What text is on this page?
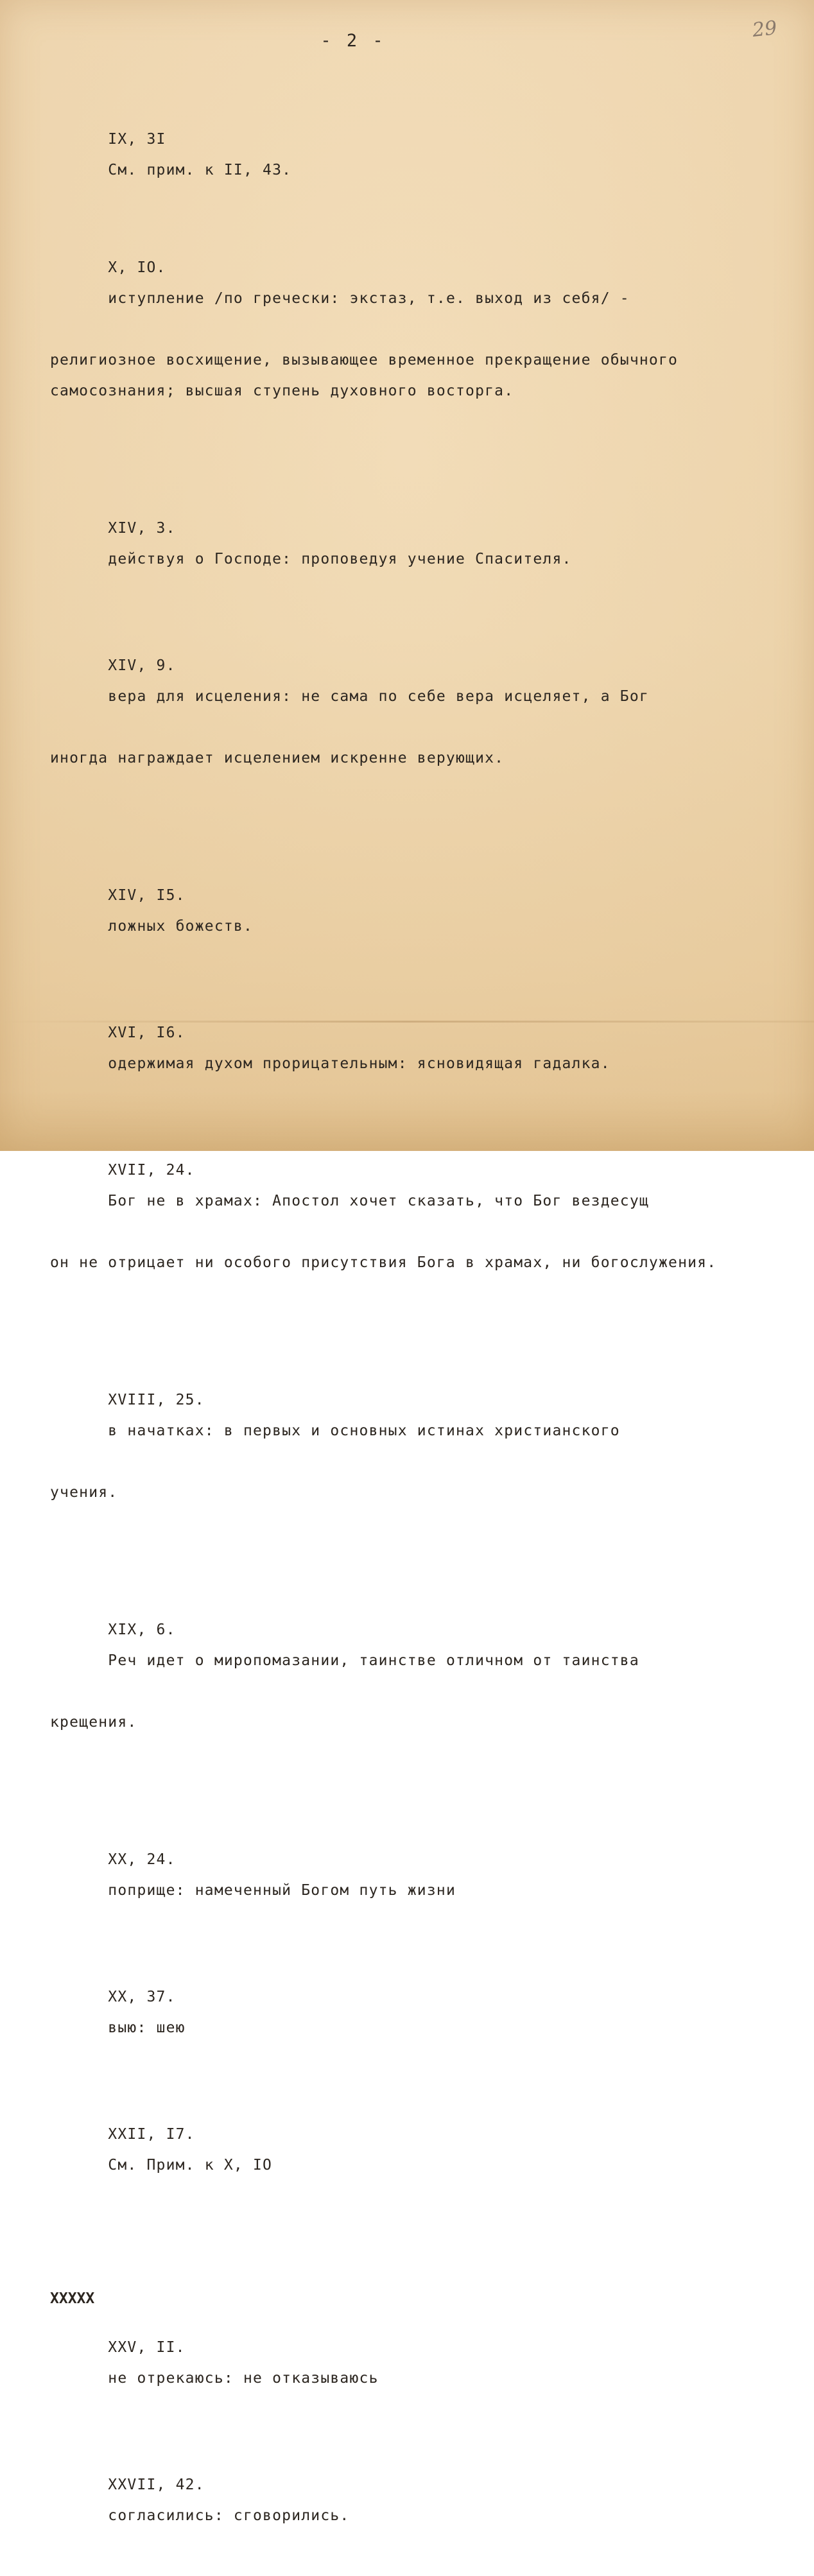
- 2 -	29

IX, 3I
См. прим. к II, 43.

X, IO.
иступление /по гречески: экстаз, т.е. выход из себя/ -

религиозное восхищение, вызывающее временное прекращение обычного самосознания; высшая ступень духовного восторга.

XIV, 3.
действуя о Господе: проповедуя учение Спасителя.

XIV, 9.
вера для исцеления: не сама по себе вера исцеляет, а Бог

иногда награждает исцелением искренне верующих.

XIV, I5.
ложных божеств.

XVI, I6.
одержимая духом прорицательным: ясновидящая гадалка.

XVII, 24.
Бог не в храмах: Апостол хочет сказать, что Бог вездесущ

он не отрицает ни особого присутствия Бога в храмах, ни богослужения.

XVIII, 25.
в начатках: в первых и основных истинах христианского

учения.

XIX, 6.
Реч идет о миропомазании, таинстве отличном от таинства

крещения.

XX, 24.
поприще: намеченный Богом путь жизни

XX, 37.
выю: шею

XXII, I7.
См. Прим. к X, IO

XXXXX

XXV, II.
не отрекаюсь: не отказываюсь

XXVII, 42.
согласились: сговорились.
